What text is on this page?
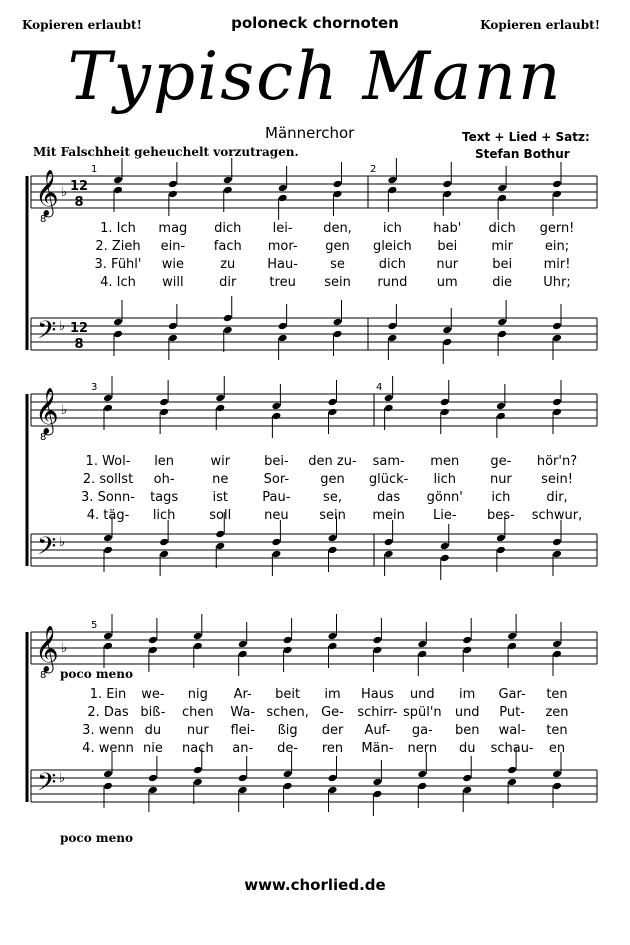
Kopieren erlaubt!	poloneck chornoten	Kopieren erlaubt!
Typisch Mann
Männerchor	Text + Lied + Satz:
Stefan Bothur
Mit Falschheit geheuchelt vorzutragen.
𝄞
8
𝄢
♭
♭
12
8
12
8
1	2
1. Ich mag dich lei- den, ich hab' dich gern!
2. Zieh ein- fach mor- gen gleich bei	mir ein;
3. Fühl' wie	zu Hau- se	dich nur	bei mir!
4. Ich will	dir	treu sein rund um	die Uhr;
𝄞
8
𝄢
♭
♭
3	4
1. Wol- len	wir	bei- den zu- sam- men ge- hör'n?
2. sollst oh-	ne	Sor- gen glück- lich	nur sein!
3. Sonn- tags	ist	Pau-	se,	das gönn' ich	dir,
4. täg- lich	soll	neu sein mein Lie- bes- schwur,
𝄞
8
𝄢
♭
♭
5
1. Ein we- nig Ar- beit im Haus und im Gar- ten
2. Das biß- chen Wa- schen, Ge- schirr- spül'n und Put- zen
3. wenn du nur flei- ßig der Auf- ga- ben wal- ten
4. wenn nie nach an- de- ren Män- nern du schau- en
poco meno
poco meno
www.chorlied.de
